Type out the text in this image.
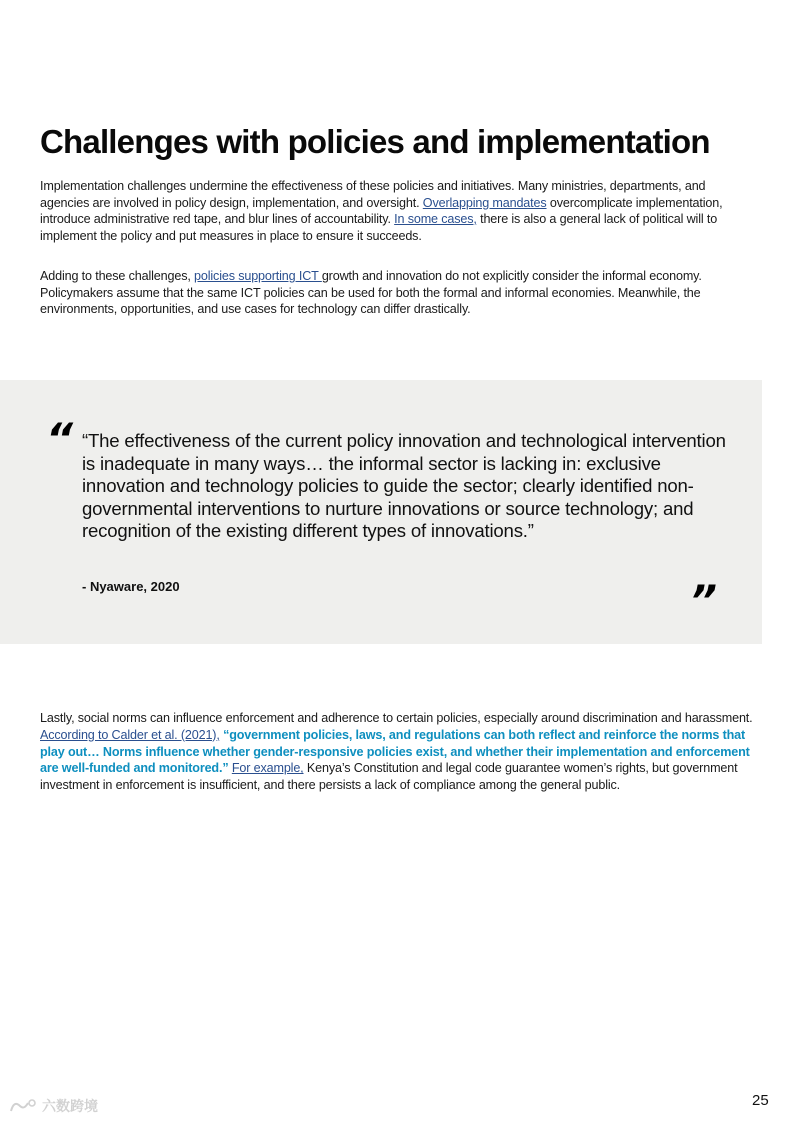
Challenges with policies and implementation

Implementation challenges undermine the effectiveness of these policies and initiatives. Many ministries, departments, and agencies are involved in policy design, implementation, and oversight. Overlapping mandates overcomplicate implementation, introduce administrative red tape, and blur lines of accountability. In some cases, there is also a general lack of political will to implement the policy and put measures in place to ensure it succeeds.

Adding to these challenges, policies supporting ICT growth and innovation do not explicitly consider the informal economy. Policymakers assume that the same ICT policies can be used for both the formal and informal economies. Meanwhile, the environments, opportunities, and use cases for technology can differ drastically.

“ “The effectiveness of the current policy innovation and technological intervention is inadequate in many ways… the informal sector is lacking in: exclusive innovation and technology policies to guide the sector; clearly identified non-governmental interventions to nurture innovations or source technology; and recognition of the existing different types of innovations.”

- Nyaware, 2020	”

Lastly, social norms can influence enforcement and adherence to certain policies, especially around discrimination and harassment. According to Calder et al. (2021), “government policies, laws, and regulations can both reflect and reinforce the norms that play out… Norms influence whether gender-responsive policies exist, and whether their implementation and enforcement are well-funded and monitored.” For example, Kenya’s Constitution and legal code guarantee women’s rights, but government investment in enforcement is insufficient, and there persists a lack of compliance among the general public.

25
六数跨境
